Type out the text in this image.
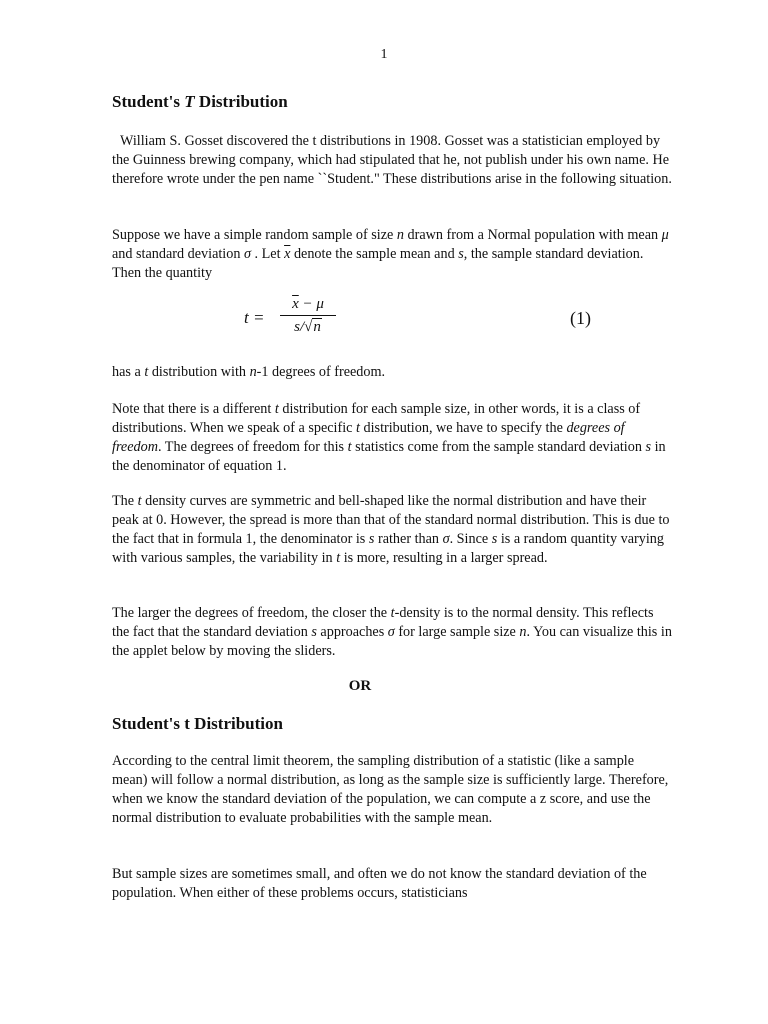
1
Student's T Distribution

William S. Gosset discovered the t distributions in 1908. Gosset was a statistician employed by the Guinness brewing company, which had stipulated that he, not publish under his own name. He therefore wrote under the pen name ``Student." These distributions arise in the following situation.

Suppose we have a simple random sample of size n drawn from a Normal population with mean μ and standard deviation σ . Let $\overline{x}$ denote the sample mean and s, the sample standard deviation. Then the quantity

t =
$\overline{x} - \mu$
s/√n	(1)

has a t distribution with n-1 degrees of freedom.

Note that there is a different t distribution for each sample size, in other words, it is a class of distributions. When we speak of a specific t distribution, we have to specify the degrees of freedom. The degrees of freedom for this t statistics come from the sample standard deviation s in the denominator of equation 1.

The t density curves are symmetric and bell-shaped like the normal distribution and have their peak at 0. However, the spread is more than that of the standard normal distribution. This is due to the fact that in formula 1, the denominator is s rather than σ. Since s is a random quantity varying with various samples, the variability in t is more, resulting in a larger spread.

The larger the degrees of freedom, the closer the t-density is to the normal density. This reflects the fact that the standard deviation s approaches σ for large sample size n. You can visualize this in the applet below by moving the sliders.

OR
Student's t Distribution

According to the central limit theorem, the sampling distribution of a statistic (like a sample mean) will follow a normal distribution, as long as the sample size is sufficiently large. Therefore, when we know the standard deviation of the population, we can compute a z score, and use the normal distribution to evaluate probabilities with the sample mean.

But sample sizes are sometimes small, and often we do not know the standard deviation of the population. When either of these problems occurs, statisticians
